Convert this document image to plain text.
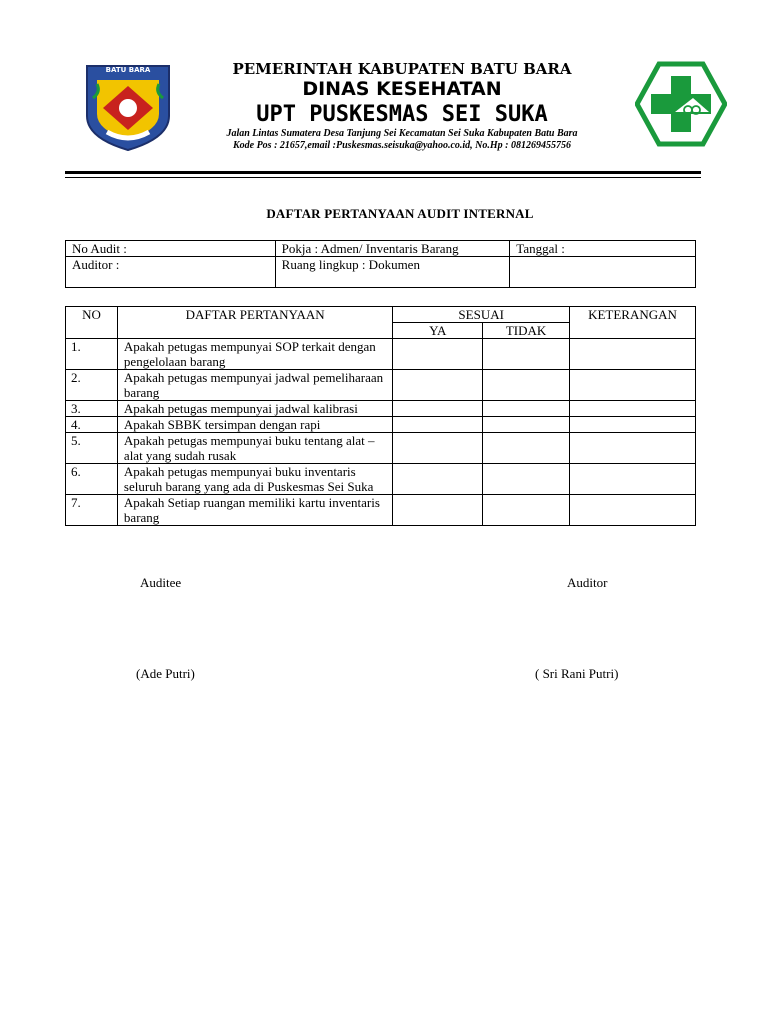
BATU BARA	PEMERINTAH KABUPATEN BATU BARA
DINAS KESEHATAN
UPT PUSKESMAS SEI SUKA
Jalan Lintas Sumatera Desa Tanjung Sei Kecamatan Sei Suka Kabupaten Batu Bara
Kode Pos : 21657,email :Puskesmas.seisuka@yahoo.co.id, No.Hp : 081269455756
DAFTAR PERTANYAAN AUDIT INTERNAL
No Audit :	Pokja : Admen/ Inventaris Barang	Tanggal :
Auditor :	Ruang lingkup : Dokumen	
NO	DAFTAR PERTANYAAN	SESUAI		KETERANGAN
		YA	TIDAK	
1.	Apakah petugas mempunyai SOP terkait dengan pengelolaan barang			
2.	Apakah petugas mempunyai jadwal pemeliharaan barang			
3.	Apakah petugas mempunyai jadwal kalibrasi			
4.	Apakah SBBK tersimpan dengan rapi			
5.	Apakah petugas mempunyai buku tentang alat – alat yang sudah rusak			
6.	Apakah petugas mempunyai buku inventaris seluruh barang yang ada di Puskesmas Sei Suka			
7.	Apakah Setiap ruangan memiliki kartu inventaris barang			
Auditee	Auditor
(Ade Putri)	( Sri Rani Putri)
